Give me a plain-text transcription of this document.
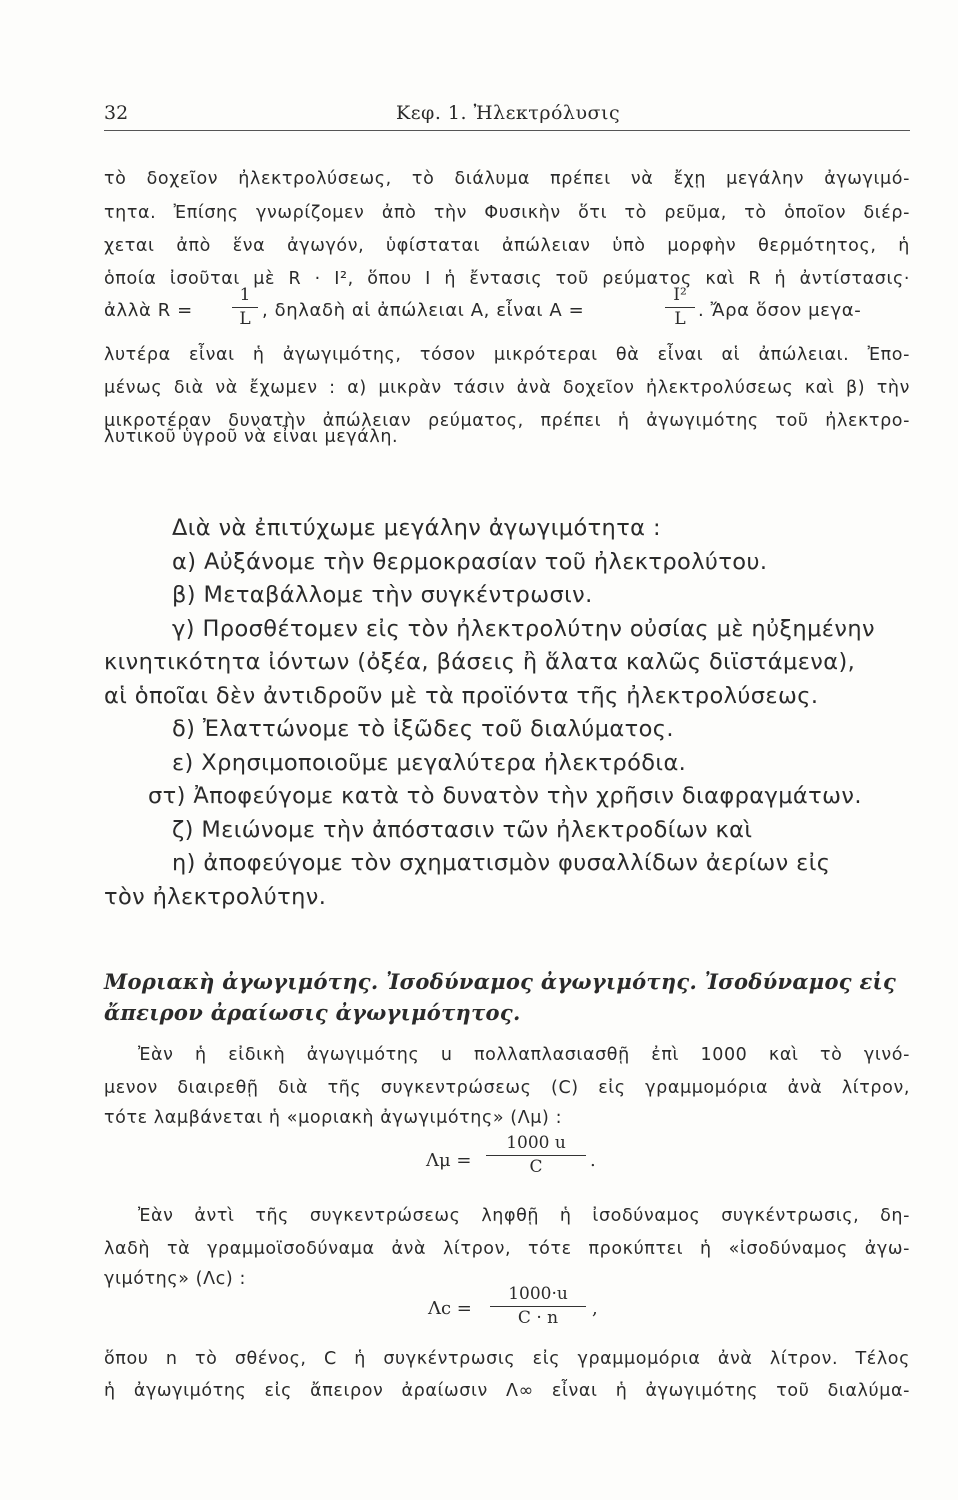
32	Κεφ. 1. Ἠλεκτρόλυσις
τὸ δοχεῖον ἠλεκτρολύσεως, τὸ διάλυμα πρέπει νὰ ἔχῃ μεγάλην ἀγωγιμό-
τητα. Ἐπίσης γνωρίζομεν ἀπὸ τὴν Φυσικὴν ὅτι τὸ ρεῦμα, τὸ ὁποῖον διέρ-
χεται ἀπὸ ἕνα ἀγωγόν, ὑφίσταται ἀπώλειαν ὑπὸ μορφὴν θερμότητος, ἡ
ὁποία ἰσοῦται μὲ R · I², ὅπου I ἡ ἔντασις τοῦ ρεύματος καὶ R ἡ ἀντίστασις·
ἀλλὰ R =
1
L , δηλαδὴ αἱ ἀπώλειαι A, εἶναι A =
I²
L . Ἄρα ὅσον μεγα-
λυτέρα εἶναι ἡ ἀγωγιμότης, τόσον μικρότεραι θὰ εἶναι αἱ ἀπώλειαι. Ἐπο-
μένως διὰ νὰ ἔχωμεν : α) μικρὰν τάσιν ἀνὰ δοχεῖον ἠλεκτρολύσεως καὶ β) τὴν
μικροτέραν δυνατὴν ἀπώλειαν ρεύματος, πρέπει ἡ ἀγωγιμότης τοῦ ἠλεκτρο-
λυτικοῦ ὑγροῦ νὰ εἶναι μεγάλη.
Διὰ νὰ ἐπιτύχωμε μεγάλην ἀγωγιμότητα :
α) Αὐξάνομε τὴν θερμοκρασίαν τοῦ ἠλεκτρολύτου.
β) Μεταβάλλομε τὴν συγκέντρωσιν.
γ) Προσθέτομεν εἰς τὸν ἠλεκτρολύτην οὐσίας μὲ ηὐξημένην
κινητικότητα ἰόντων (ὀξέα, βάσεις ἢ ἅλατα καλῶς διϊστάμενα),
αἱ ὁποῖαι δὲν ἀντιδροῦν μὲ τὰ προϊόντα τῆς ἠλεκτρολύσεως.
δ) Ἐλαττώνομε τὸ ἰξῶδες τοῦ διαλύματος.
ε) Χρησιμοποιοῦμε μεγαλύτερα ἠλεκτρόδια.
στ) Ἀποφεύγομε κατὰ τὸ δυνατὸν τὴν χρῆσιν διαφραγμάτων.
ζ) Μειώνομε τὴν ἀπόστασιν τῶν ἠλεκτροδίων καὶ
η) ἀποφεύγομε τὸν σχηματισμὸν φυσαλλίδων ἀερίων εἰς
τὸν ἠλεκτρολύτην.
Μοριακὴ ἀγωγιμότης. Ἰσοδύναμος ἀγωγιμότης. Ἰσοδύναμος εἰς
ἄπειρον ἀραίωσις ἀγωγιμότητος.
Ἐὰν ἡ εἰδικὴ ἀγωγιμότης u πολλαπλασιασθῇ ἐπὶ 1000 καὶ τὸ γινό-
μενον διαιρεθῇ διὰ τῆς συγκεντρώσεως (C) εἰς γραμμομόρια ἀνὰ λίτρον,
τότε λαμβάνεται ἡ «μοριακὴ ἀγωγιμότης» (Λμ) :
Λμ =
1000 u
C	.
Ἐὰν ἀντὶ τῆς συγκεντρώσεως ληφθῇ ἡ ἰσοδύναμος συγκέντρωσις, δη-
λαδὴ τὰ γραμμοϊσοδύναμα ἀνὰ λίτρον, τότε προκύπτει ἡ «ἰσοδύναμος ἀγω-
γιμότης» (Λc) :
Λc =
1000·u
C · n	,
ὅπου n τὸ σθένος, C ἡ συγκέντρωσις εἰς γραμμομόρια ἀνὰ λίτρον. Τέλος
ἡ ἀγωγιμότης εἰς ἄπειρον ἀραίωσιν Λ∞ εἶναι ἡ ἀγωγιμότης τοῦ διαλύμα-
